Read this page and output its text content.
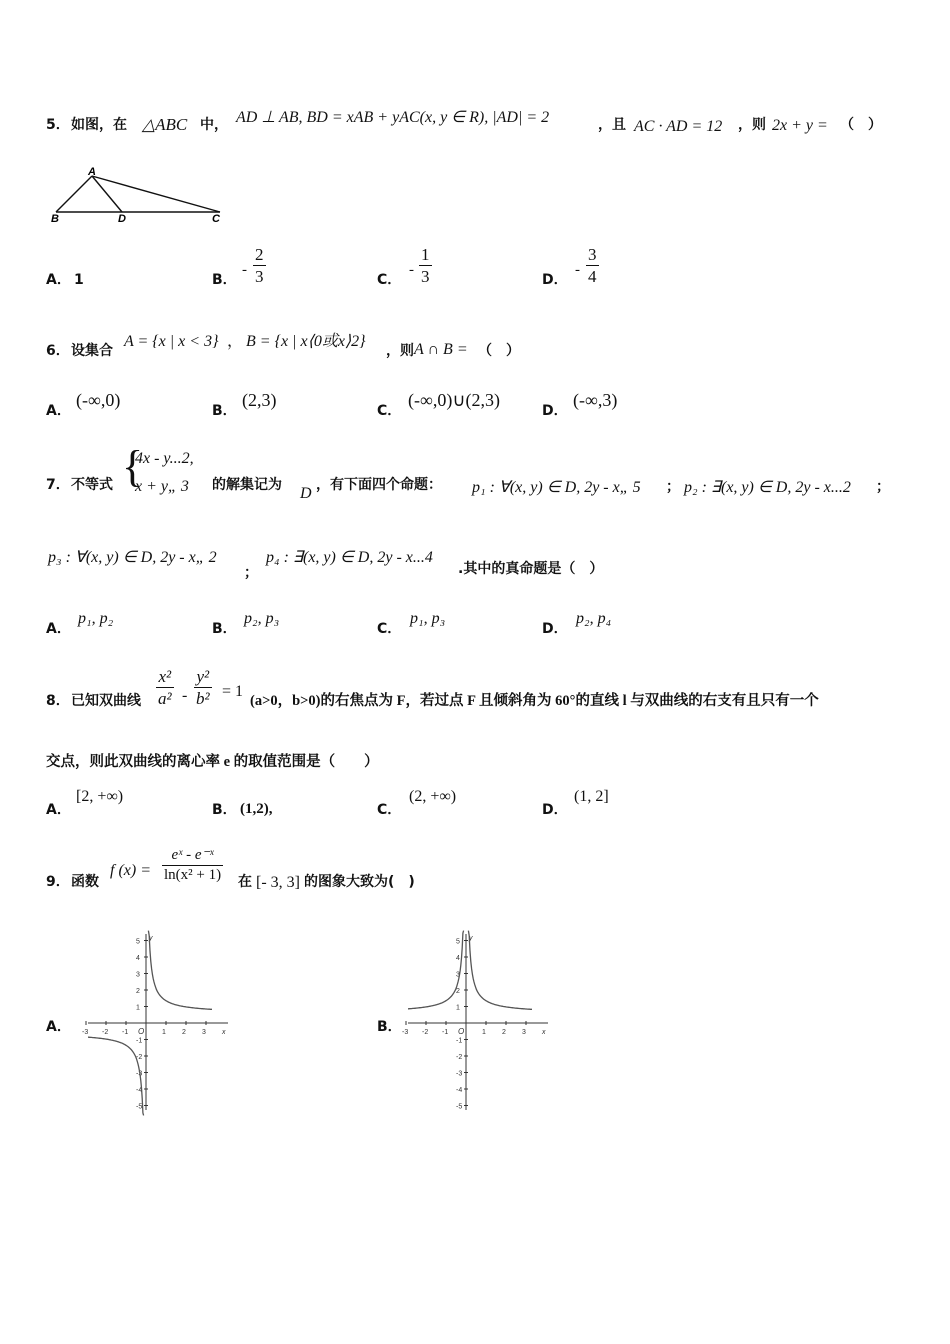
5． 如图，在 △ABC 中， AD ⊥ AB, BD = xAB + yAC(x, y ∈ R), |AD| = 2	，且 AC · AD = 12 ，则 2x + y = （　）
A
B	D	C
A． 1	B．
-
2
3	C．
-
1
3	D．
-
3
4
6． 设集合
A = {x | x < 3} ， B = {x | x⟨0或x⟩2}
，则 A ∩ B = （　）
A．
(-∞,0)
B．
(2,3)
C．
(-∞,0)∪(2,3)
D．
(-∞,3)
7． 不等式 {
4x - y...2,
x + y„ 3 的解集记为 D ，有下面四个命题： p₁ : ∀(x, y) ∈ D, 2y - x„ 5 ； p₂ : ∃(x, y) ∈ D, 2y - x...2 ；
p₃ : ∀(x, y) ∈ D, 2y - x„ 2
；
p₄ : ∃(x, y) ∈ D, 2y - x...4
.其中的真命题是（　）
A．
p₁, p₂
B．
p₂, p₃
C．
p₁, p₃
D．
p₂, p₄
8． 已知双曲线
x²
a² -
y²
b² = 1
(a>0，b>0)的右焦点为 F，若过点 F 且倾斜角为 60°的直线 l 与双曲线的右支有且只有一个
交点，则此双曲线的离心率 e 的取值范围是（　　）
A．
[2, +∞)
B． (1,2),	C．
(2, +∞)
D．
(1, 2]
9． 函数
f (x) =
eˣ - e⁻ˣ
ln(x² + 1) 在 [- 3, 3] 的图象大致为(　)
A． -3 -2 -1	1 2 3
5
4
3
2
1
-1
-2
-3
-4
-5
O	x
y
B． -3 -2 -1	1 2 3
5
4
3
2
1
-1
-2
-3
-4
-5
O	x
y
